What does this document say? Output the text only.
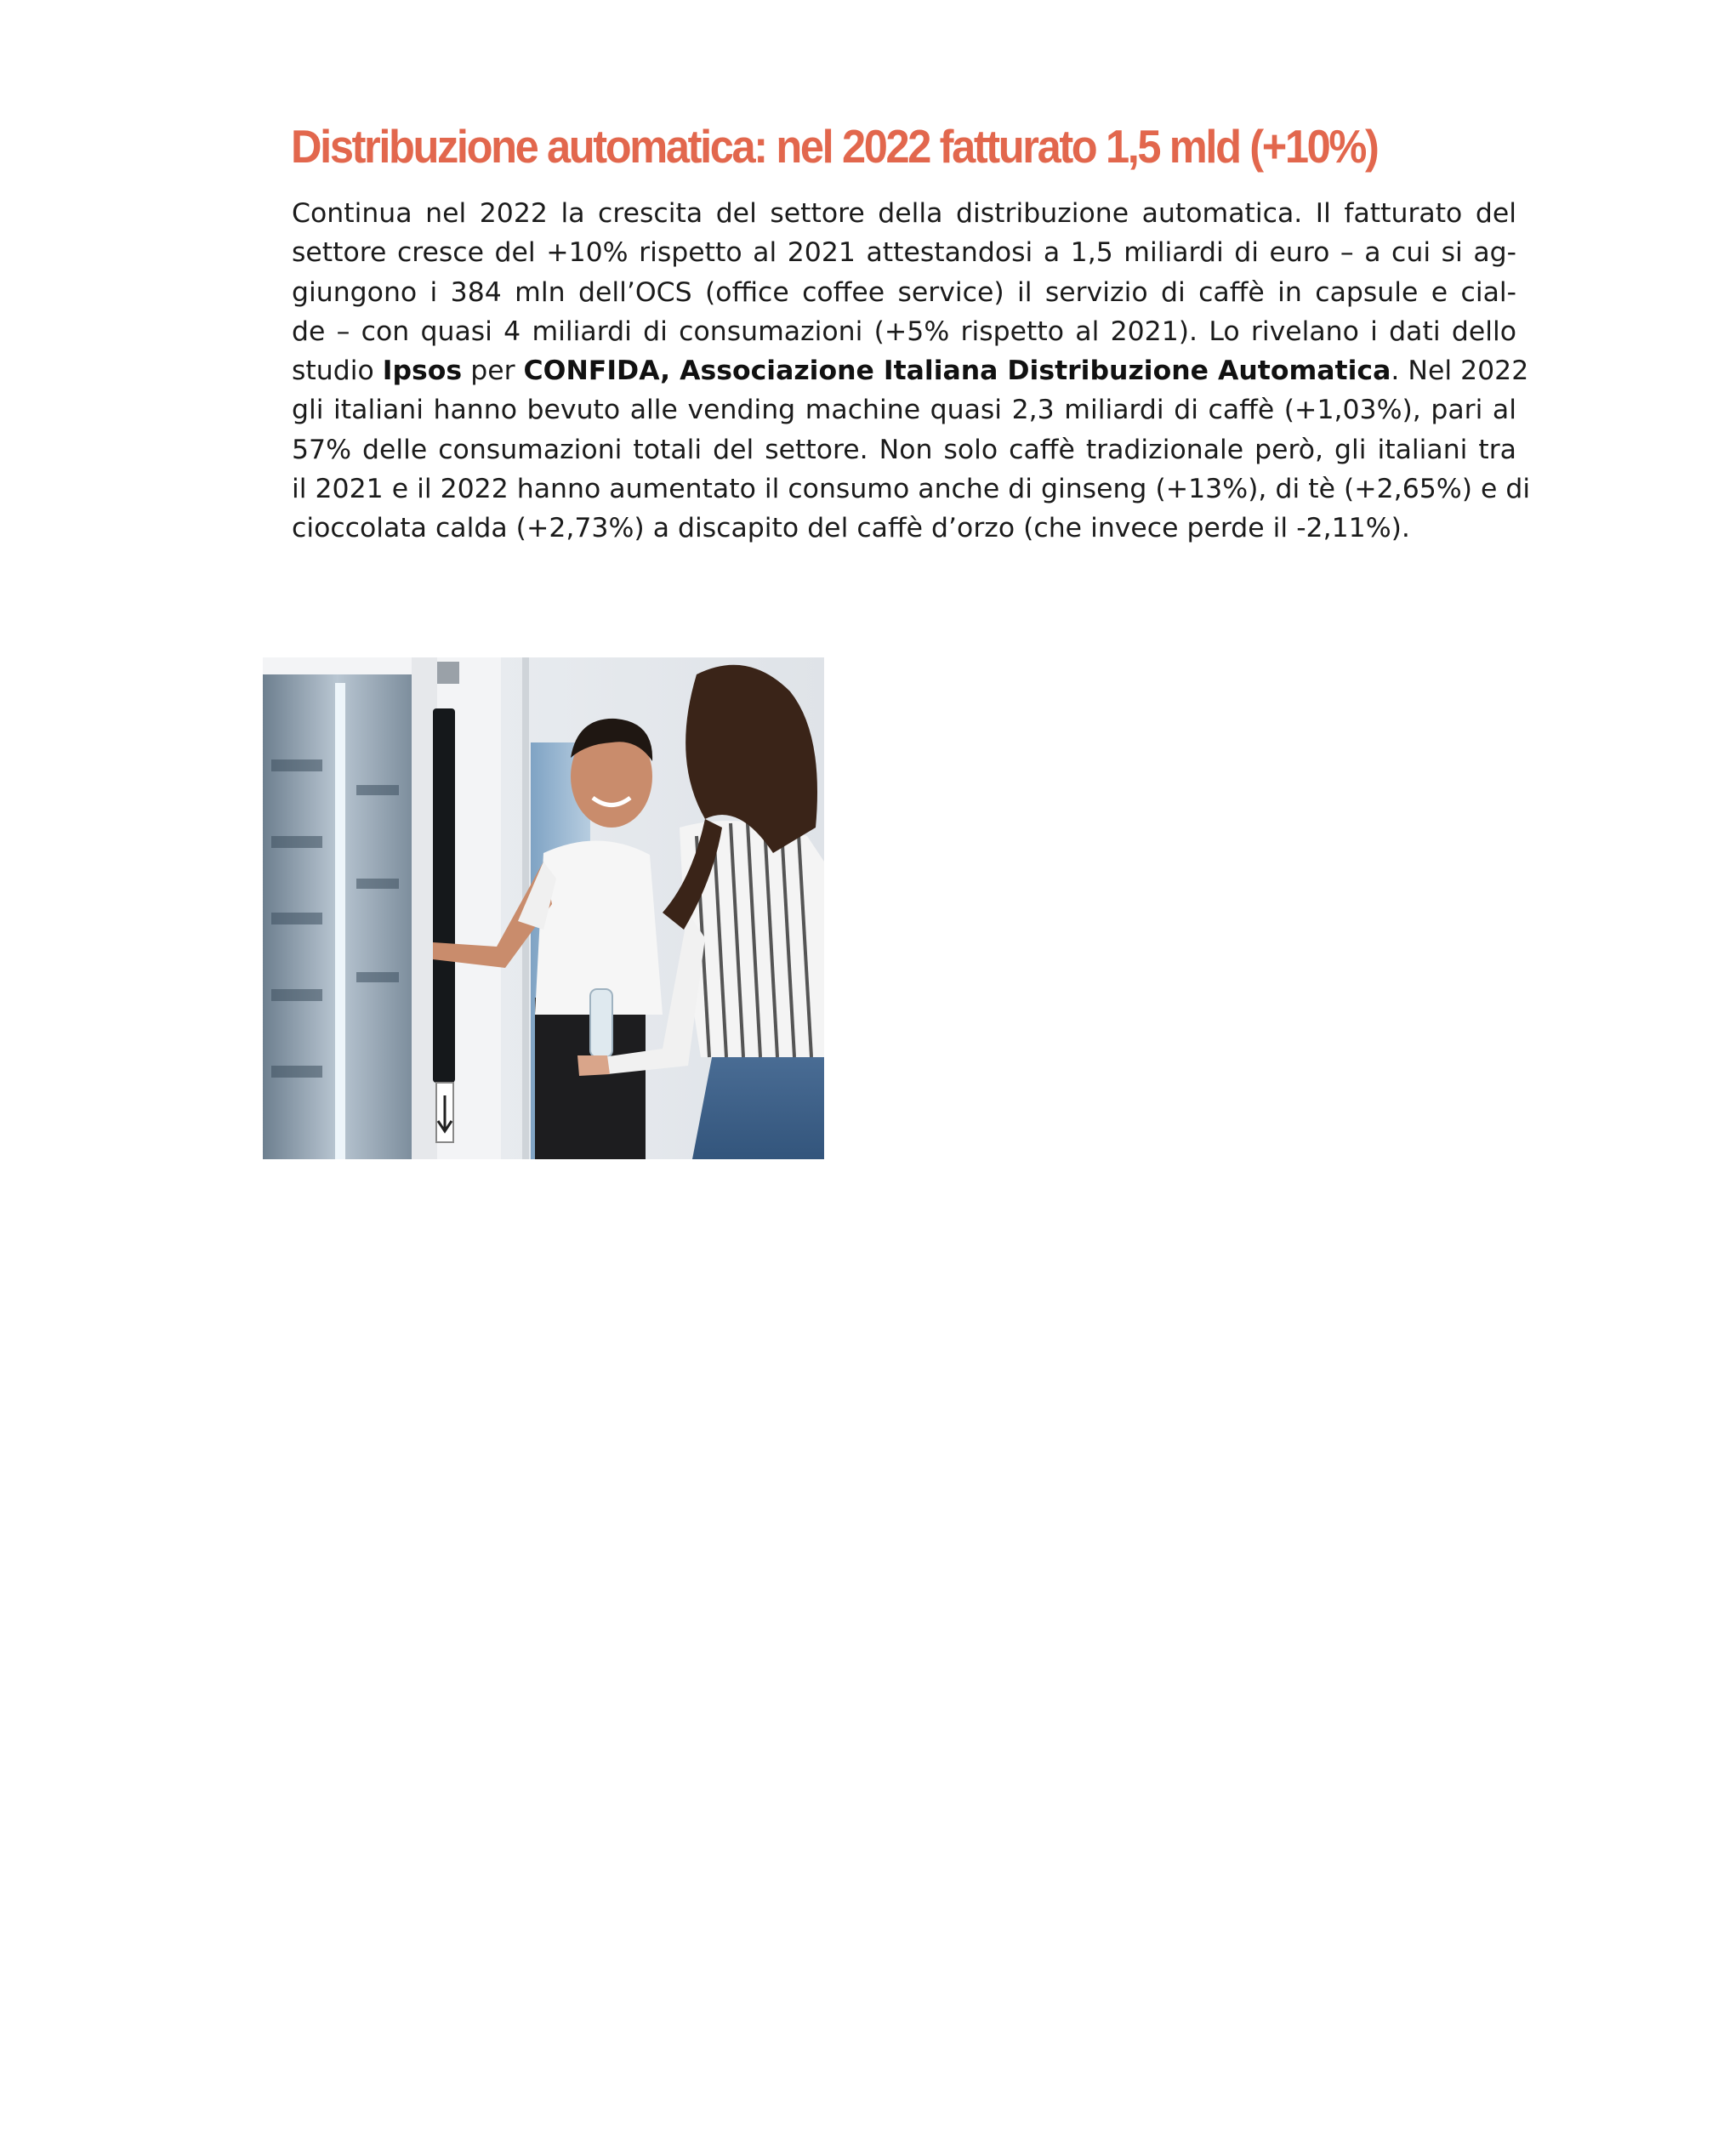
Distribuzione automatica: nel 2022 fatturato 1,5 mld (+10%)
Continua nel 2022 la crescita del settore della distribuzione automatica. Il fatturato del
settore cresce del +10% rispetto al 2021 attestandosi a 1,5 miliardi di euro – a cui si ag-
giungono i 384 mln dell’OCS (office coffee service) il servizio di caffè in capsule e cial-
de – con quasi 4 miliardi di consumazioni (+5% rispetto al 2021). Lo rivelano i dati dello
studio Ipsos per CONFIDA, Associazione Italiana Distribuzione Automatica. Nel 2022
gli italiani hanno bevuto alle vending machine quasi 2,3 miliardi di caffè (+1,03%), pari al
57% delle consumazioni totali del settore. Non solo caffè tradizionale però, gli italiani tra
il 2021 e il 2022 hanno aumentato il consumo anche di ginseng (+13%), di tè (+2,65%) e di
cioccolata calda (+2,73%) a discapito del caffè d’orzo (che invece perde il -2,11%).
